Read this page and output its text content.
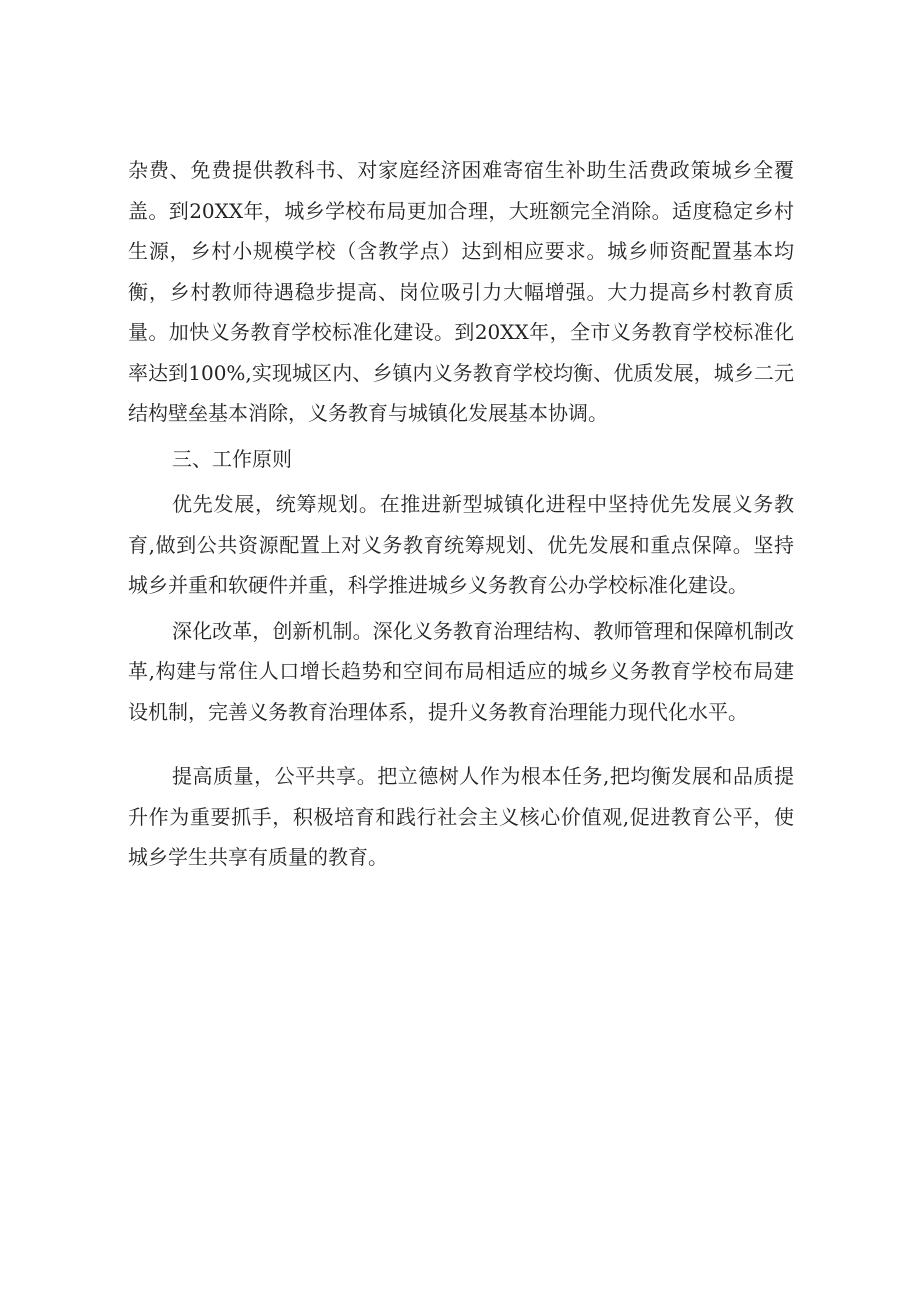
杂费、免费提供教科书、对家庭经济困难寄宿生补助生活费政策城乡全覆盖。到20XX年，城乡学校布局更加合理，大班额完全消除。适度稳定乡村生源，乡村小规模学校（含教学点）达到相应要求。城乡师资配置基本均衡，乡村教师待遇稳步提高、岗位吸引力大幅增强。大力提高乡村教育质量。加快义务教育学校标准化建设。到20XX年，全市义务教育学校标准化率达到100%,实现城区内、乡镇内义务教育学校均衡、优质发展，城乡二元结构壁垒基本消除，义务教育与城镇化发展基本协调。

三、工作原则

优先发展，统筹规划。在推进新型城镇化进程中坚持优先发展义务教育,做到公共资源配置上对义务教育统筹规划、优先发展和重点保障。坚持城乡并重和软硬件并重，科学推进城乡义务教育公办学校标准化建设。

深化改革，创新机制。深化义务教育治理结构、教师管理和保障机制改革,构建与常住人口增长趋势和空间布局相适应的城乡义务教育学校布局建设机制，完善义务教育治理体系，提升义务教育治理能力现代化水平。

提高质量，公平共享。把立德树人作为根本任务,把均衡发展和品质提升作为重要抓手，积极培育和践行社会主义核心价值观,促进教育公平，使城乡学生共享有质量的教育。
